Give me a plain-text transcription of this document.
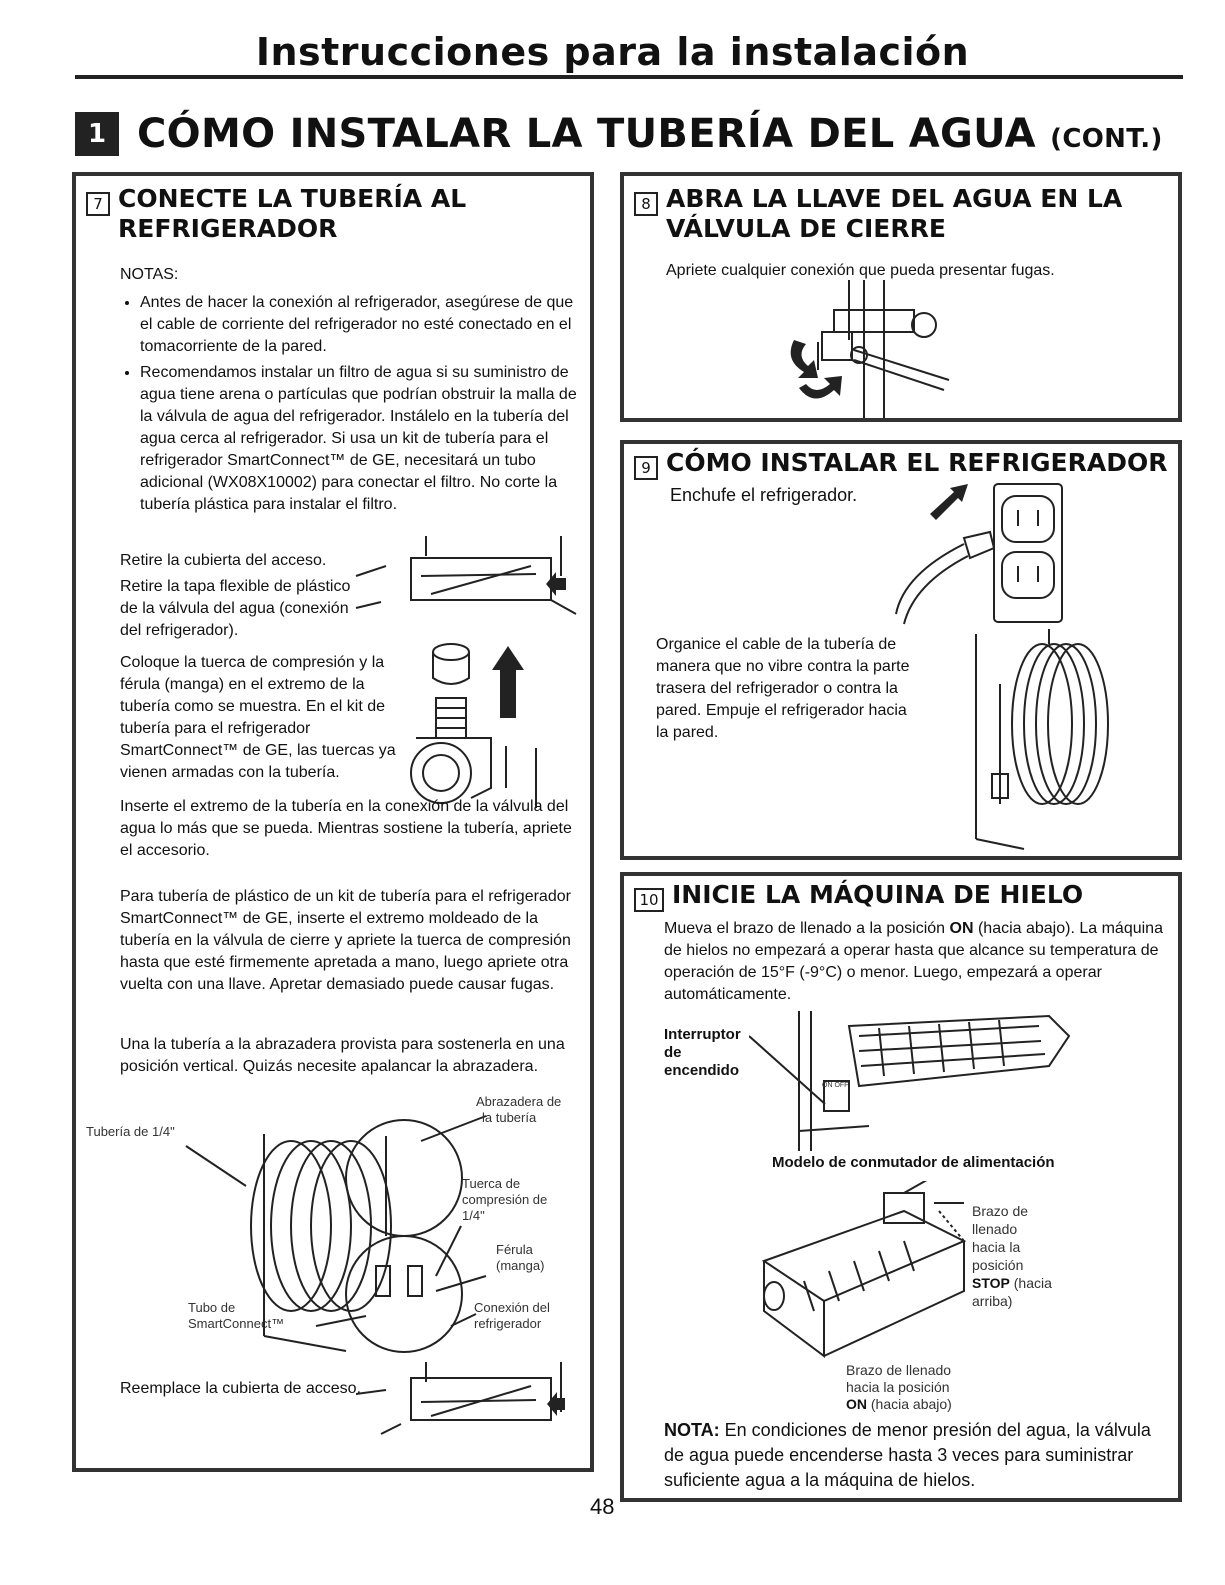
Instrucciones para la instalación
1 CÓMO INSTALAR LA TUBERÍA DEL AGUA (CONT.)
7 CONECTE LA TUBERÍA AL
REFRIGERADOR
NOTAS:
• Antes de hacer la conexión al refrigerador, asegúrese de que el cable de corriente del refrigerador no esté conectado en el tomacorriente de la pared.
• Recomendamos instalar un filtro de agua si su suministro de agua tiene arena o partículas que podrían obstruir la malla de la válvula de agua del refrigerador. Instálelo en la tubería del agua cerca al refrigerador. Si usa un kit de tubería para el refrigerador SmartConnect™ de GE, necesitará un tubo adicional (WX08X10002) para conectar el filtro. No corte la tubería plástica para instalar el filtro.
Retire la cubierta del acceso.
Retire la tapa flexible de plástico de la válvula del agua (conexión del refrigerador).
Coloque la tuerca de compresión y la férula (manga) en el extremo de la tubería como se muestra. En el kit de tubería para el refrigerador SmartConnect™ de GE, las tuercas ya vienen armadas con la tubería.
Inserte el extremo de la tubería en la conexión de la válvula del agua lo más que se pueda. Mientras sostiene la tubería, apriete el accesorio.
Para tubería de plástico de un kit de tubería para el refrigerador SmartConnect™ de GE, inserte el extremo moldeado de la tubería en la válvula de cierre y apriete la tuerca de compresión hasta que esté firmemente apretada a mano, luego apriete otra vuelta con una llave. Apretar demasiado puede causar fugas.
Una la tubería a la abrazadera provista para sostenerla en una posición vertical. Quizás necesite apalancar la abrazadera.
Abrazadera de
la tubería
Tubería de 1/4"
Tuerca de
compresión de
1/4"
Férula
(manga)
Tubo de
SmartConnect™
Conexión del
refrigerador
Reemplace la cubierta de acceso.
8 ABRA LA LLAVE DEL AGUA EN LA
VÁLVULA DE CIERRE
Apriete cualquier conexión que pueda presentar fugas.
9 CÓMO INSTALAR EL REFRIGERADOR
Enchufe el refrigerador.
Organice el cable de la tubería de manera que no vibre contra la parte trasera del refrigerador o contra la pared. Empuje el refrigerador hacia la pared.
10 INICIE LA MÁQUINA DE HIELO
Mueva el brazo de llenado a la posición ON (hacia abajo). La máquina de hielos no empezará a operar hasta que alcance su temperatura de operación de 15°F (-9°C) o menor. Luego, empezará a operar automáticamente.
Interruptor
de
encendido
ON OFF
Modelo de conmutador de alimentación
Brazo de
llenado
hacia la
posición
STOP (hacia
arriba)
Brazo de llenado
hacia la posición
ON (hacia abajo)
NOTA: En condiciones de menor presión del agua, la válvula de agua puede encenderse hasta 3 veces para suministrar suficiente agua a la máquina de hielos.
48
